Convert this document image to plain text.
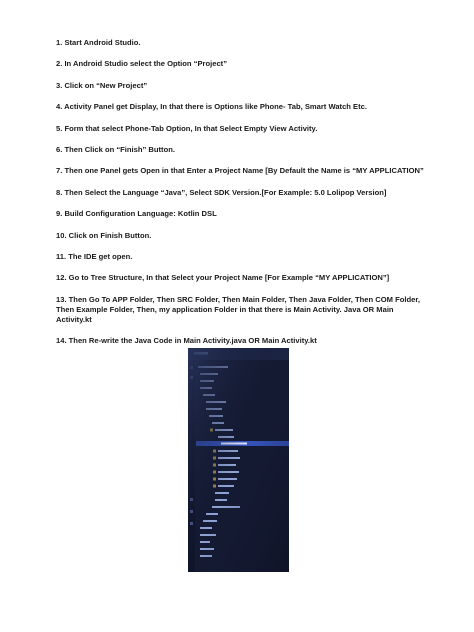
1. Start Android Studio.
2. In Android Studio select the Option “Project”
3. Click on “New Project”
4. Activity Panel get Display, In that there is Options like Phone- Tab, Smart Watch Etc.
5. Form that select Phone-Tab Option, In that Select Empty View Activity.
6. Then Click on “Finish” Button.
7. Then one Panel gets Open in that Enter a Project Name [By Default the Name is “MY APPLICATION”
8. Then Select the Language “Java”, Select SDK Version.[For Example: 5.0 Lolipop Version]
9. Build Configuration Language: Kotlin DSL
10. Click on Finish Button.
11. The IDE get open.
12. Go to Tree Structure, In that Select your Project Name [For Example “MY APPLICATION”]
13. Then Go To APP Folder, Then SRC Folder, Then Main Folder, Then Java Folder, Then COM Folder, Then Example Folder, Then, my application Folder in that there is Main Activity. Java OR Main Activity.kt
14. Then Re-write the Java Code in Main Activity.java OR Main Activity.kt
